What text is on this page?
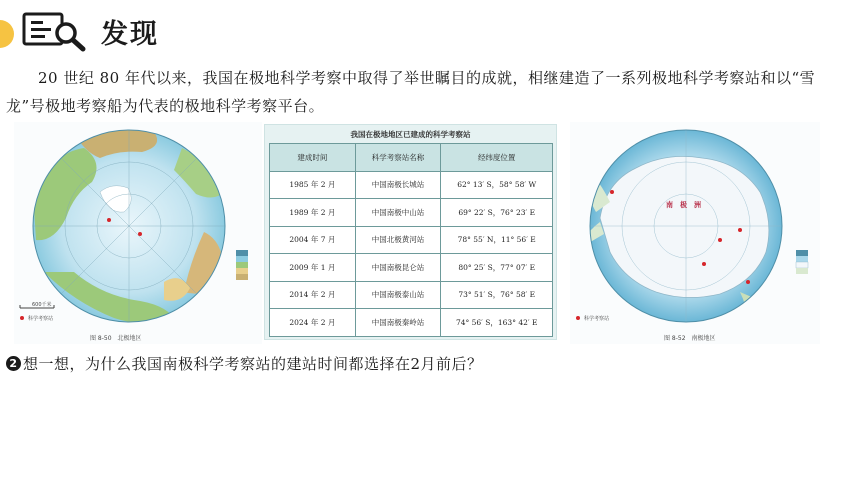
发现

20 世纪 80 年代以来，我国在极地科学考察中取得了举世瞩目的成就，相继建造了一系列极地科学考察站和以“雪龙”号极地考察船为代表的极地科学考察平台。

600千米
科学考察站
图 8-50　北极地区
我国在极地地区已建成的科学考察站
建成时间	科学考察站名称	经纬度位置
1985 年 2 月	中国南极长城站	62° 13′ S，58° 58′ W
1989 年 2 月	中国南极中山站	69° 22′ S，76° 23′ E
2004 年 7 月	中国北极黄河站	78° 55′ N，11° 56′ E
2009 年 1 月	中国南极昆仑站	80° 25′ S，77° 07′ E
2014 年 2 月	中国南极泰山站	73° 51′ S，76° 58′ E
2024 年 2 月	中国南极秦岭站	74° 56′ S，163° 42′ E
南　极　洲
科学考察站
图 8-52　南极地区
2 想一想，为什么我国南极科学考察站的建站时间都选择在2月前后？
